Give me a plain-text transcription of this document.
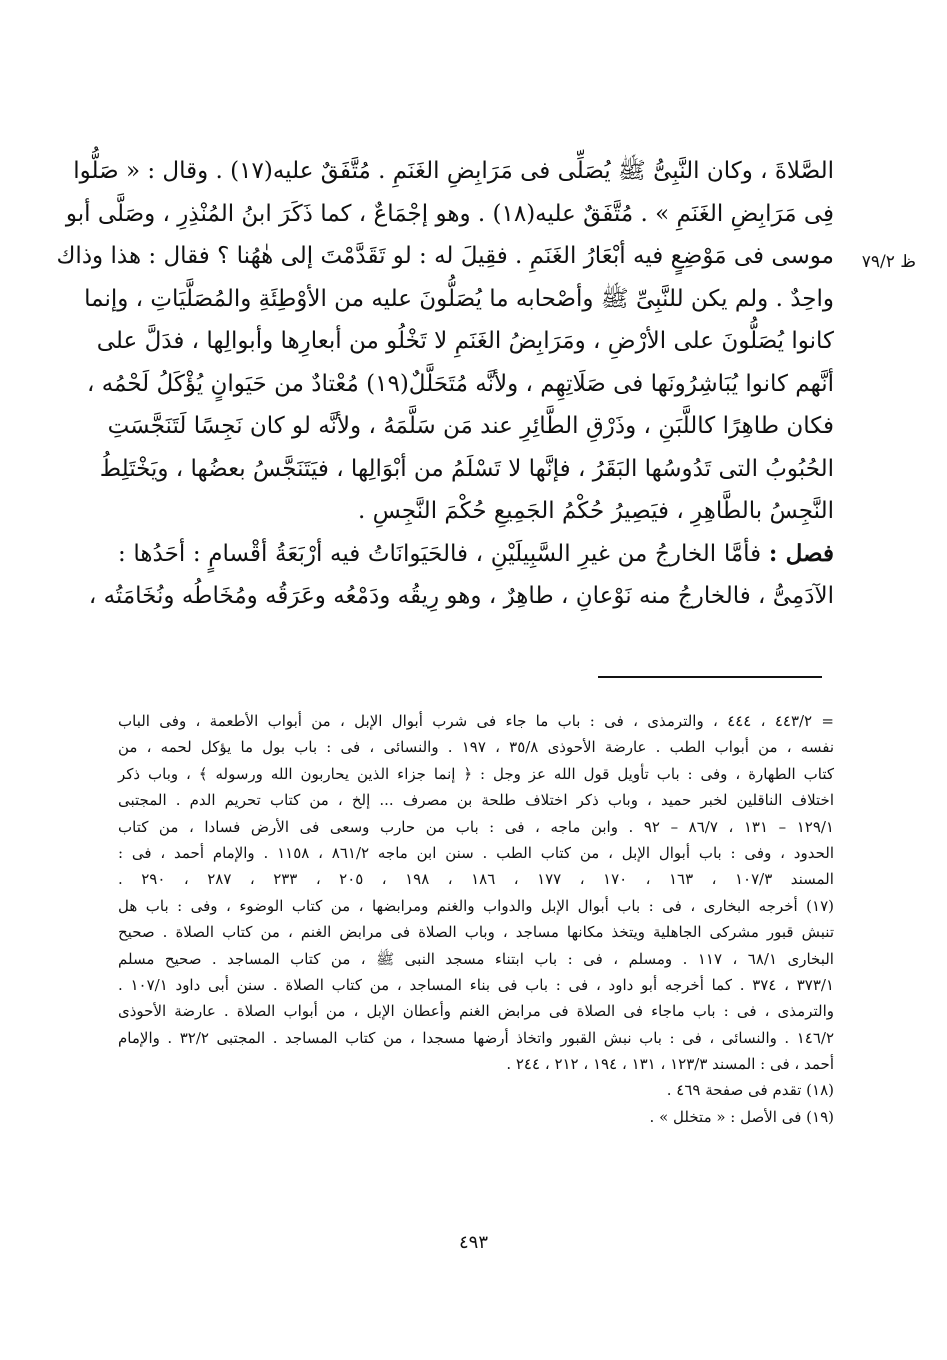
الصَّلاةَ ، وكان النَّبِىُّ ﷺ يُصَلِّى فى مَرَابِضِ الغَنَمِ . مُتَّفَقٌ عليه(١٧) . وقال : « صَلُّوا
فِى مَرَابِضِ الغَنَمِ » . مُتَّفَقٌ عليه(١٨) . وهو إجْمَاعٌ ، كما ذَكَرَ ابنُ المُنْذِرِ ، وصَلَّى أبو
موسى فى مَوْضِعٍ فيه أبْعَارُ الغَنَمِ . فقِيلَ له : لو تَقَدَّمْتَ إلى هٰهُنا ؟ فقال : هذا وذاك
واحِدٌ . ولم يكن للنَّبِىِّ ﷺ وأصْحابه ما يُصَلُّونَ عليه من الأوْطِئَةِ والمُصَلَّيَاتِ ، وإنما
كانوا يُصَلُّونَ على الأرْضِ ، ومَرَابِضُ الغَنَمِ لا تَخْلُو من أبعارِها وأبوالِها ، فدَلَّ على
أنَّهم كانوا يُبَاشِرُونَها فى صَلَاتِهِم ، ولأنَّه مُتَحَلَّلٌ(١٩) مُعْتادٌ من حَيَوانٍ يُؤْكَلُ لَحْمُه ،
فكان طاهِرًا كاللَّبَنِ ، وذَرْقِ الطَّائِرِ عند مَن سَلَّمَهُ ، ولأنَّه لو كان نَجِسًا لَتَنَجَّسَتِ
الحُبُوبُ التى تَدُوسُها البَقَرُ ، فإنَّها لا تَسْلَمُ من أبْوَالِها ، فيَتَنَجَّسُ بعضُها ، ويَخْتَلِطُ
النَّجِسُ بالطَّاهِرِ ، فيَصِيرُ حُكْمُ الجَمِيعِ حُكْمَ النَّجِسِ .
فصل : فأمَّا الخارجُ من غيرِ السَّبِيلَيْنِ ، فالحَيَوانَاتُ فيه أرْبَعَةُ أقْسامٍ : أحَدُها :
الآدَمِىُّ ، فالخارجُ منه نَوْعانِ ، طاهِرٌ ، وهو رِيقُه ودَمْعُه وعَرَقُه ومُخَاطُه ونُخَامَتُه ،
ظ ٧٩/٢
= ٤٤٣/٢ ، ٤٤٤ ، والترمذى ، فى : باب ما جاء فى شرب أبوال الإبل ، من أبواب الأطعمة ، وفى الباب
نفسه ، من أبواب الطب . عارضة الأحوذى ٣٥/٨ ، ١٩٧ . والنسائى ، فى : باب بول ما يؤكل لحمه ، من
كتاب الطهارة ، وفى : باب تأويل قول الله عز وجل : ﴿ إنما جزاء الذين يحاربون الله ورسوله ﴾ ، وباب ذكر
اختلاف الناقلين لخبر حميد ، وباب ذكر اختلاف طلحة بن مصرف ... إلخ ، من كتاب تحريم الدم . المجتبى
١٢٩/١ – ١٣١ ، ٨٦/٧ – ٩٢ . وابن ماجه ، فى : باب من حارب وسعى فى الأرض فسادا ، من كتاب
الحدود ، وفى : باب أبوال الإبل ، من كتاب الطب . سنن ابن ماجه ٨٦١/٢ ، ١١٥٨ . والإمام أحمد ، فى :
المسند ١٠٧/٣ ، ١٦٣ ، ١٧٠ ، ١٧٧ ، ١٨٦ ، ١٩٨ ، ٢٠٥ ، ٢٣٣ ، ٢٨٧ ، ٢٩٠ .
(١٧) أخرجه البخارى ، فى : باب أبوال الإبل والدواب والغنم ومرابضها ، من كتاب الوضوء ، وفى : باب هل
تنبش قبور مشركى الجاهلية ويتخذ مكانها مساجد ، وباب الصلاة فى مرابض الغنم ، من كتاب الصلاة . صحيح
البخارى ٦٨/١ ، ١١٧ . ومسلم ، فى : باب ابتناء مسجد النبى ﷺ ، من كتاب المساجد . صحيح مسلم
٣٧٣/١ ، ٣٧٤ . كما أخرجه أبو داود ، فى : باب فى بناء المساجد ، من كتاب الصلاة . سنن أبى داود ١٠٧/١ .
والترمذى ، فى : باب ماجاء فى الصلاة فى مرابض الغنم وأعطان الإبل ، من أبواب الصلاة . عارضة الأحوذى
١٤٦/٢ . والنسائى ، فى : باب نبش القبور واتخاذ أرضها مسجدا ، من كتاب المساجد . المجتبى ٣٢/٢ . والإمام
أحمد ، فى : المسند ١٢٣/٣ ، ١٣١ ، ١٩٤ ، ٢١٢ ، ٢٤٤ .
(١٨) تقدم فى صفحة ٤٦٩ .
(١٩) فى الأصل : « متخلل » .
٤٩٣
